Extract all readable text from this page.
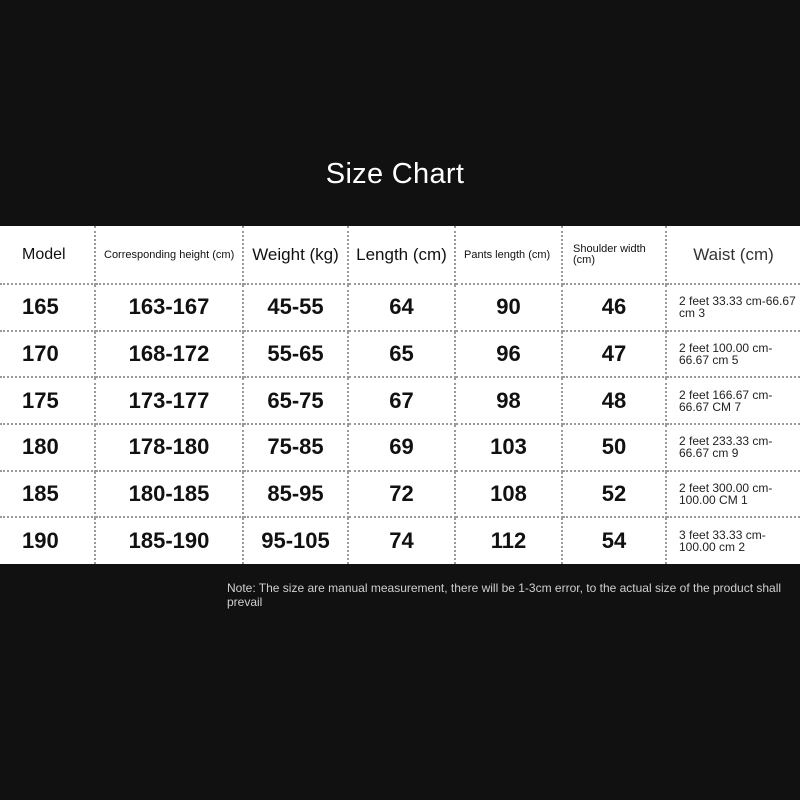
Size Chart
Model	Corresponding height (cm)	Weight (kg)	Length (cm)	Pants length (cm)	Shoulder width (cm)	Waist (cm)
165	163-167	45-55	64	90	46	2 feet 33.33 cm-66.67 cm 3
170	168-172	55-65	65	96	47	2 feet 100.00 cm-66.67 cm 5
175	173-177	65-75	67	98	48	2 feet 166.67 cm-66.67 CM 7
180	178-180	75-85	69	103	50	2 feet 233.33 cm-66.67 cm 9
185	180-185	85-95	72	108	52	2 feet 300.00 cm-100.00 CM 1
190	185-190	95-105	74	112	54	3 feet 33.33 cm-100.00 cm 2
Note: The size are manual measurement, there will be 1-3cm error, to the actual size of the product shall prevail
